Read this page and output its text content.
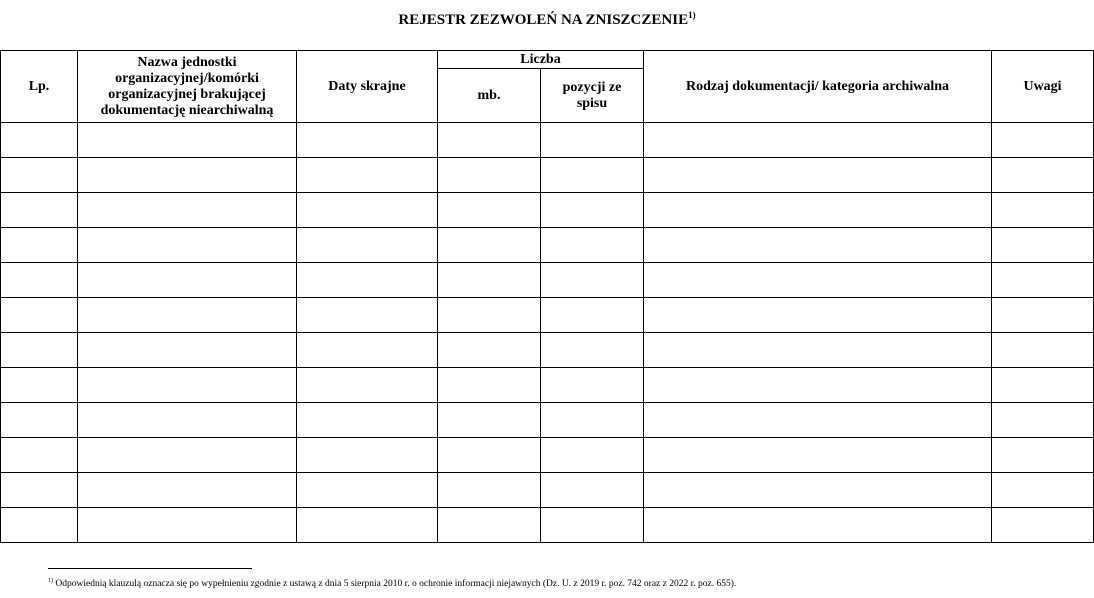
REJESTR ZEZWOLEŃ NA ZNISZCZENIE$^{1)}$
Lp.	Nazwa jednostki organizacyjnej/komórki organizacyjnej brakującej dokumentację niearchiwalną	Daty skrajne	Liczba		Rodzaj dokumentacji/ kategoria archiwalna	Uwagi
			mb.	pozycji ze spisu		

$^{1)}$ Odpowiednią klauzulą oznacza się po wypełnieniu zgodnie z ustawą z dnia 5 sierpnia 2010 r. o ochronie informacji niejawnych (Dz. U. z 2019 r. poz. 742 oraz z 2022 r. poz. 655).
